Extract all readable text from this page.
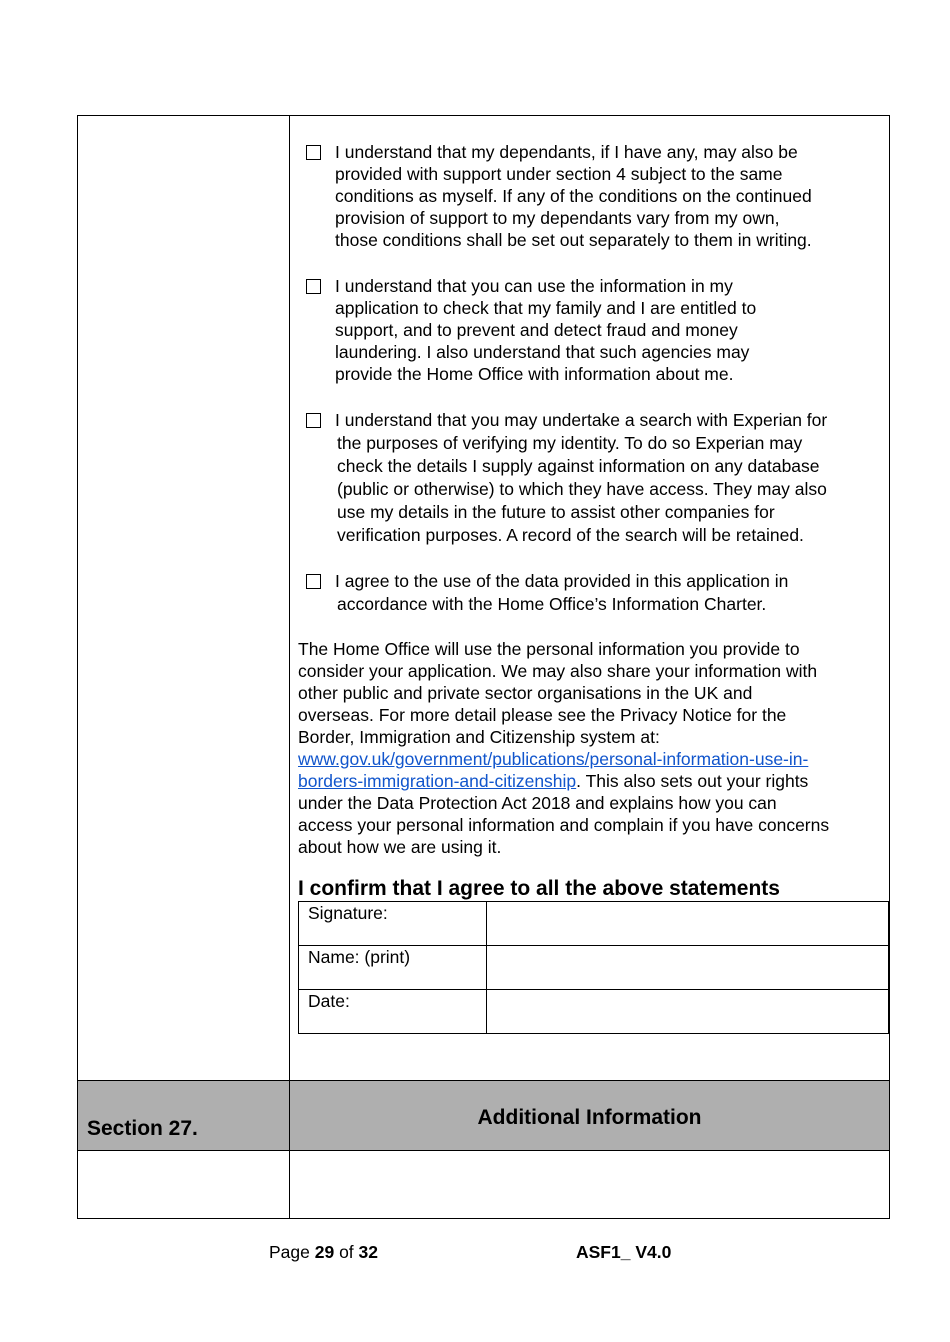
I understand that my dependants, if I have any, may also be
provided with support under section 4 subject to the same
conditions as myself. If any of the conditions on the continued
provision of support to my dependants vary from my own,
those conditions shall be set out separately to them in writing.
I understand that you can use the information in my
application to check that my family and I are entitled to
support, and to prevent and detect fraud and money
laundering. I also understand that such agencies may
provide the Home Office with information about me.
I understand that you may undertake a search with Experian for
the purposes of verifying my identity. To do so Experian may
check the details I supply against information on any database
(public or otherwise) to which they have access. They may also
use my details in the future to assist other companies for
verification purposes. A record of the search will be retained.
I agree to the use of the data provided in this application in
accordance with the Home Office’s Information Charter.
The Home Office will use the personal information you provide to
consider your application. We may also share your information with
other public and private sector organisations in the UK and
overseas. For more detail please see the Privacy Notice for the
Border, Immigration and Citizenship system at:
www.gov.uk/government/publications/personal-information-use-in-
borders-immigration-and-citizenship. This also sets out your rights
under the Data Protection Act 2018 and explains how you can
access your personal information and complain if you have concerns
about how we are using it.
I confirm that I agree to all the above statements
Signature:	
Name: (print)	
Date:	
Section 27.	Additional Information
Page 29 of 32	ASF1_ V4.0
